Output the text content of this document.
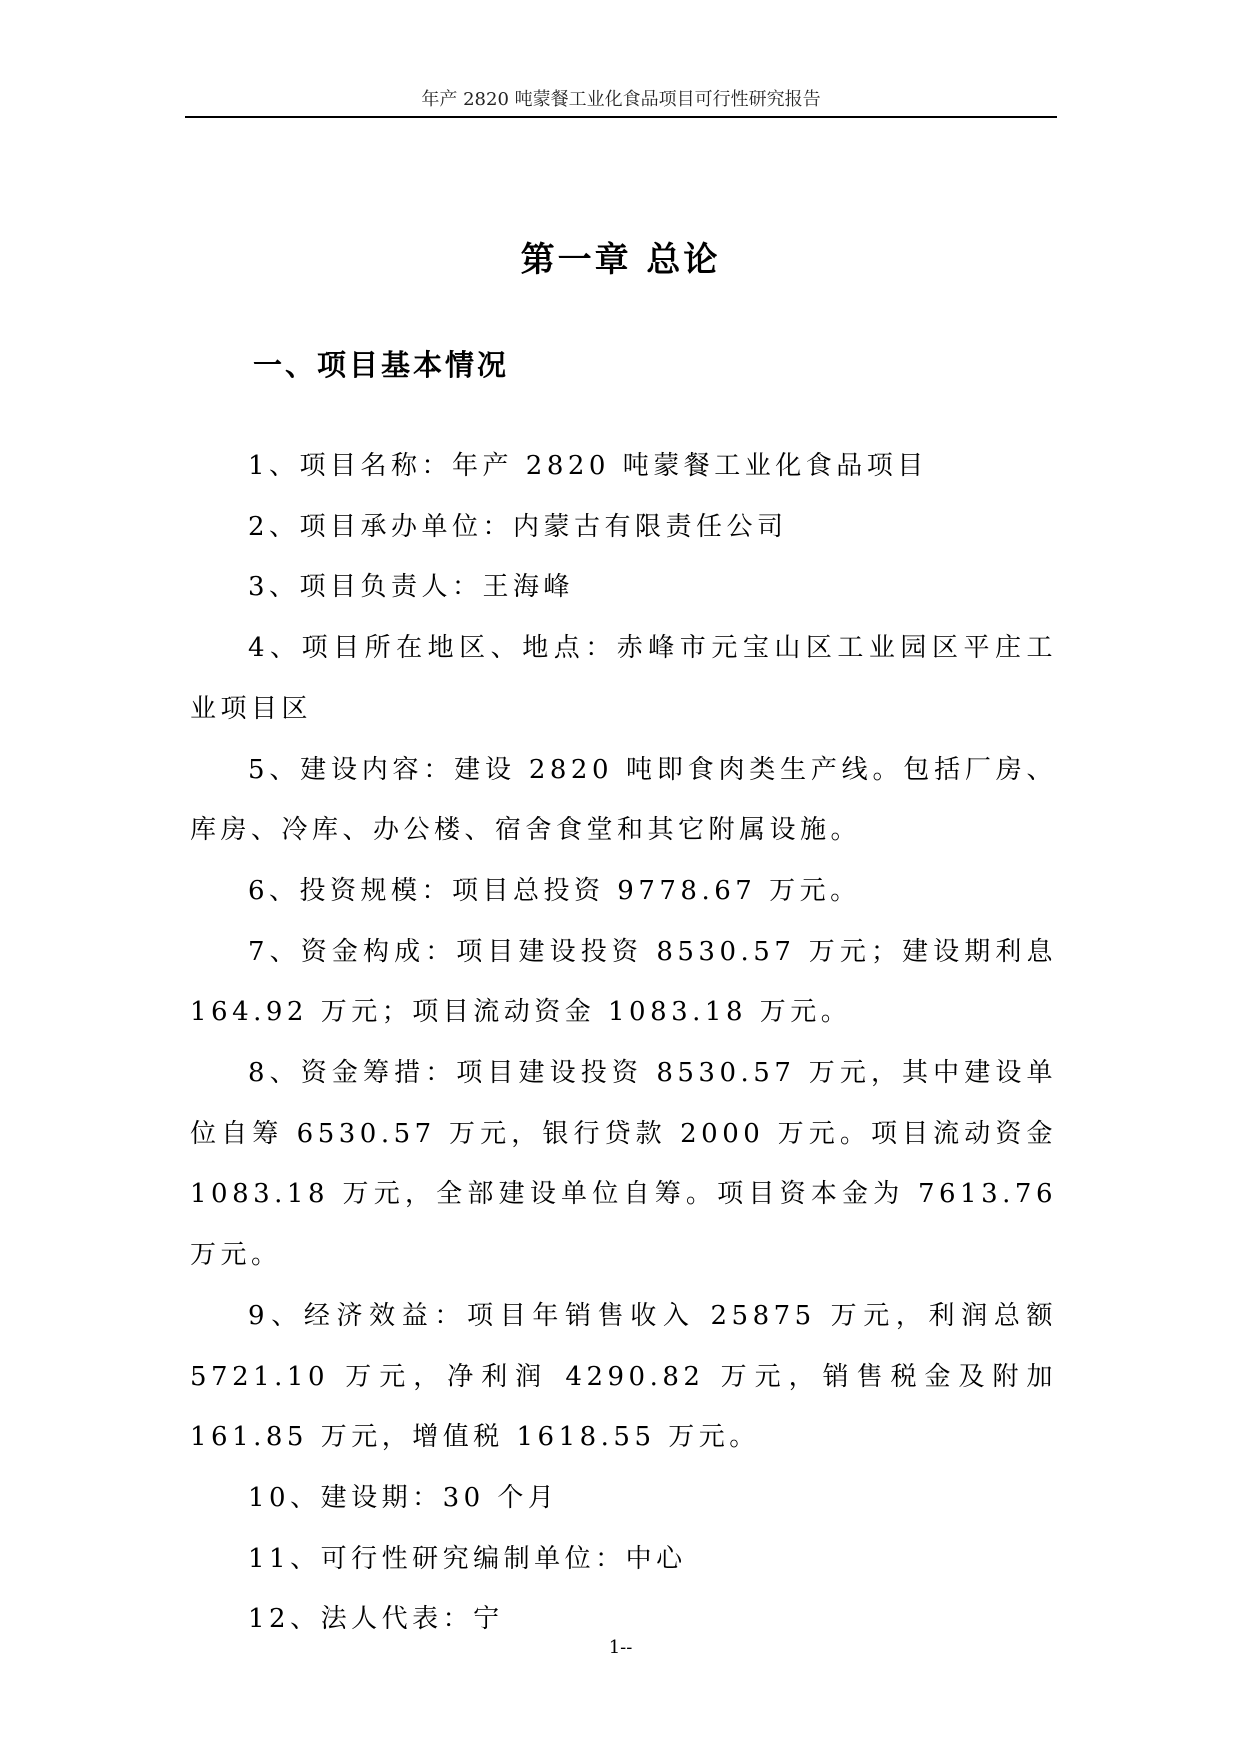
年产 2820 吨蒙餐工业化食品项目可行性研究报告
第一章 总论
一、项目基本情况

1、项目名称：年产 2820 吨蒙餐工业化食品项目

2、项目承办单位：内蒙古有限责任公司

3、项目负责人：王海峰

4、项目所在地区、地点：赤峰市元宝山区工业园区平庄工业项目区

5、建设内容：建设 2820 吨即食肉类生产线。包括厂房、库房、冷库、办公楼、宿舍食堂和其它附属设施。

6、投资规模：项目总投资 9778.67 万元。

7、资金构成：项目建设投资 8530.57 万元；建设期利息 164.92 万元；项目流动资金 1083.18 万元。

8、资金筹措：项目建设投资 8530.57 万元，其中建设单位自筹 6530.57 万元，银行贷款 2000 万元。项目流动资金 1083.18 万元，全部建设单位自筹。项目资本金为 7613.76 万元。

9、经济效益：项目年销售收入 25875 万元，利润总额 5721.10 万元，净利润 4290.82 万元，销售税金及附加 161.85 万元，增值税 1618.55 万元。

10、建设期：30 个月

11、可行性研究编制单位：中心

12、法人代表：宁

1--
